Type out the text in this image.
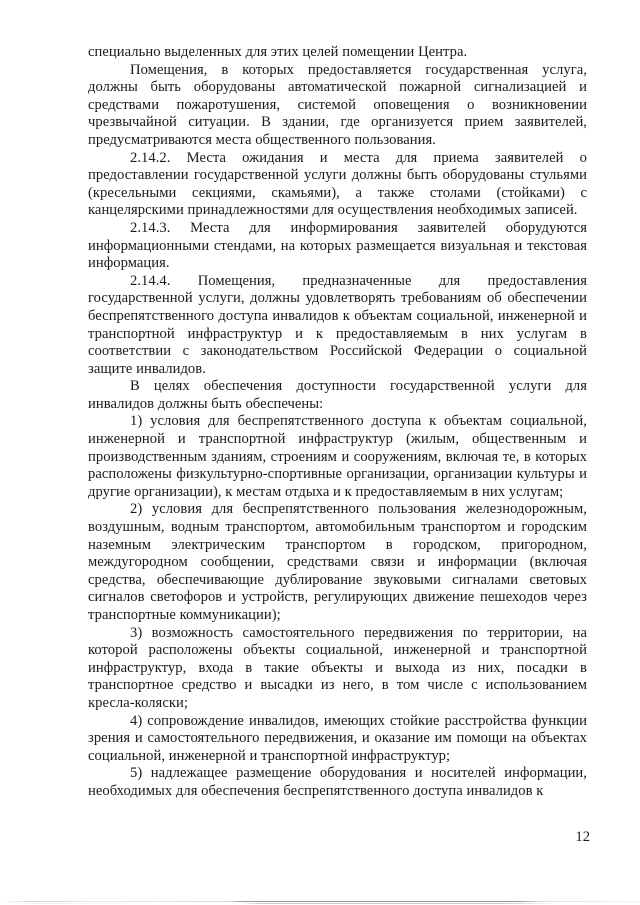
специально выделенных для этих целей помещении Центра.

Помещения, в которых предоставляется государственная услуга, должны быть оборудованы автоматической пожарной сигнализацией и средствами пожаротушения, системой оповещения о возникновении чрезвычайной ситуации. В здании, где организуется прием заявителей, предусматриваются места общественного пользования.

2.14.2. Места ожидания и места для приема заявителей о предоставлении государственной услуги должны быть оборудованы стульями (кресельными секциями, скамьями), а также столами (стойками) с канцелярскими принадлежностями для осуществления необходимых записей.

2.14.3. Места для информирования заявителей оборудуются информационными стендами, на которых размещается визуальная и текстовая информация.

2.14.4. Помещения, предназначенные для предоставления государственной услуги, должны удовлетворять требованиям об обеспечении беспрепятственного доступа инвалидов к объектам социальной, инженерной и транспортной инфраструктур и к предоставляемым в них услугам в соответствии с законодательством Российской Федерации о социальной защите инвалидов.

В целях обеспечения доступности государственной услуги для инвалидов должны быть обеспечены:

1) условия для беспрепятственного доступа к объектам социальной, инженерной и транспортной инфраструктур (жилым, общественным и производственным зданиям, строениям и сооружениям, включая те, в которых расположены физкультурно-спортивные организации, организации культуры и другие организации), к местам отдыха и к предоставляемым в них услугам;

2) условия для беспрепятственного пользования железнодорожным, воздушным, водным транспортом, автомобильным транспортом и городским наземным электрическим транспортом в городском, пригородном, междугородном сообщении, средствами связи и информации (включая средства, обеспечивающие дублирование звуковыми сигналами световых сигналов светофоров и устройств, регулирующих движение пешеходов через транспортные коммуникации);

3) возможность самостоятельного передвижения по территории, на которой расположены объекты социальной, инженерной и транспортной инфраструктур, входа в такие объекты и выхода из них, посадки в транспортное средство и высадки из него, в том числе с использованием кресла-коляски;

4) сопровождение инвалидов, имеющих стойкие расстройства функции зрения и самостоятельного передвижения, и оказание им помощи на объектах социальной, инженерной и транспортной инфраструктур;

5) надлежащее размещение оборудования и носителей информации, необходимых для обеспечения беспрепятственного доступа инвалидов к

12
